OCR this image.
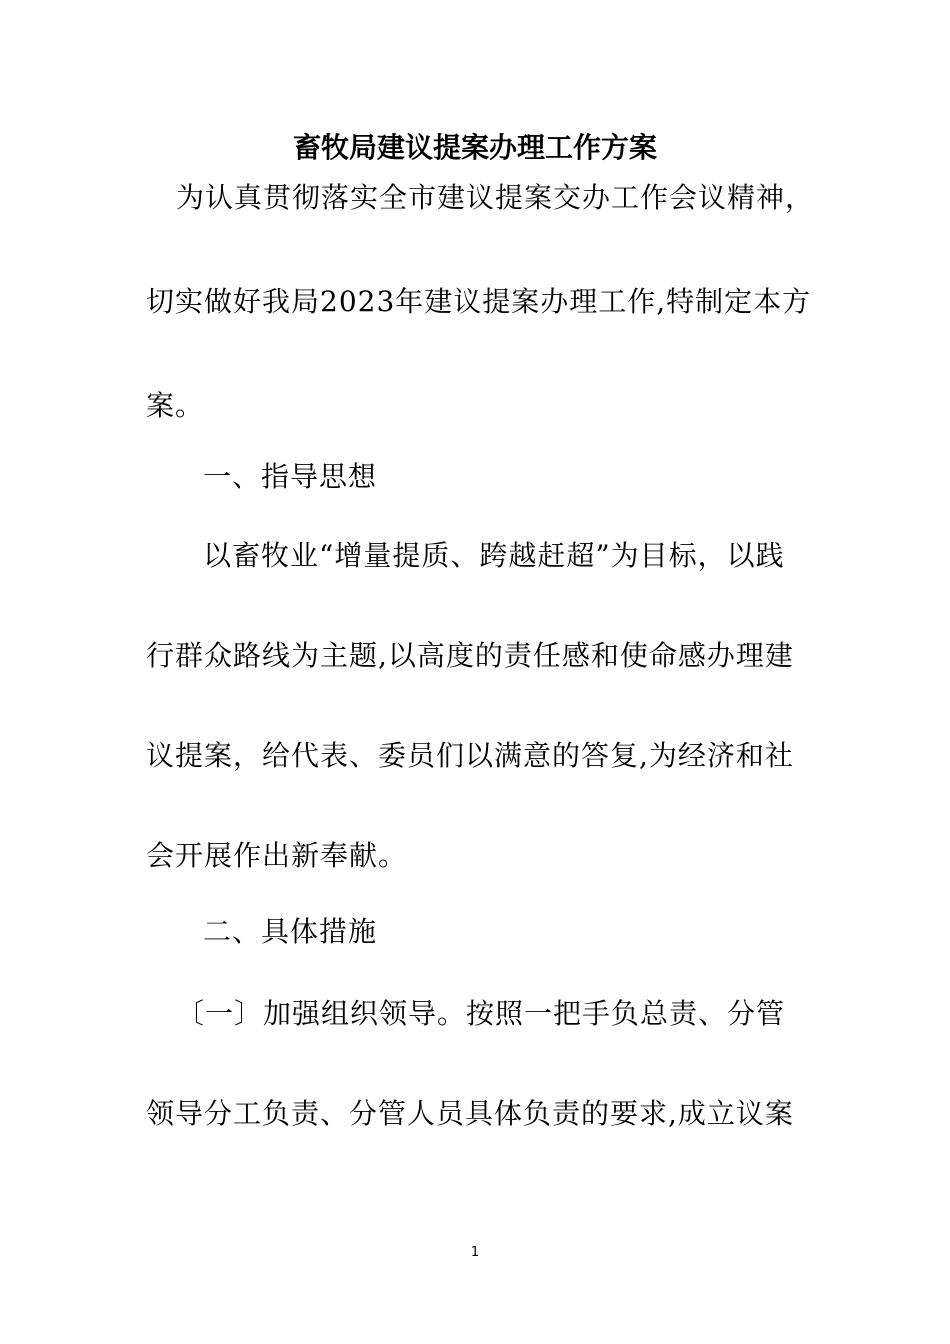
畜牧局建议提案办理工作方案
为认真贯彻落实全市建议提案交办工作会议精神，
切实做好我局2023年建议提案办理工作,特制定本方
案。
一、指导思想
以畜牧业“增量提质、跨越赶超”为目标，以践
行群众路线为主题,以高度的责任感和使命感办理建
议提案，给代表、委员们以满意的答复,为经济和社
会开展作出新奉献。
二、具体措施
〔一〕加强组织领导。按照一把手负总责、分管
领导分工负责、分管人员具体负责的要求,成立议案
1
